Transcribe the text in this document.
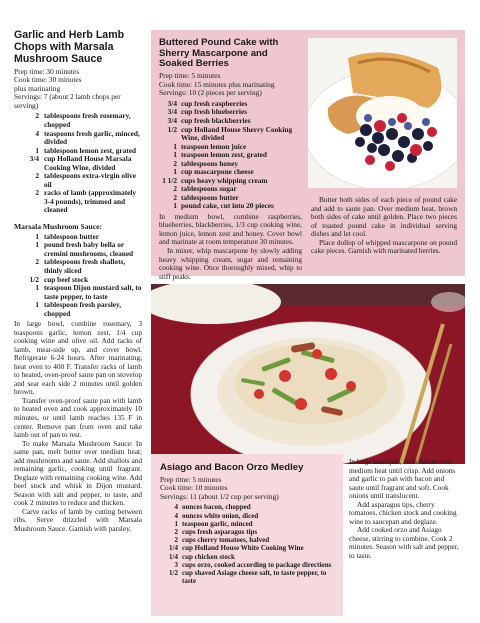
Garlic and Herb Lamb Chops with Marsala Mushroom Sauce
Prep time: 30 minutes
Cook time: 30 minutes
plus marinating
Servings: 7 (about 2 lamb chops per serving)
2 tablespoons fresh rosemary, chopped
4 teaspoons fresh garlic, minced, divided
1 tablespoon lemon zest, grated
3/4 cup Holland House Marsala Cooking Wine, divided
2 tablespoons extra-virgin olive oil
2 racks of lamb (approximately 3-4 pounds), trimmed and cleaned
Marsala Mushroom Sauce:
1 tablespoon butter
1 pound fresh baby bella or cremini mushrooms, cleaned
2 tablespoons fresh shallots, thinly sliced
1/2 cup beef stock
1 teaspoon Dijon mustard salt, to taste pepper, to taste
1 tablespoon fresh parsley, chopped

In large bowl, combine rosemary, 3 teaspoons garlic, lemon zest, 1/4 cup cooking wine and olive oil. Add racks of lamb, meat-side up, and cover bowl. Refrigerate 6-24 hours. After marinating, heat oven to 400 F. Transfer racks of lamb to heated, oven-proof saute pan on stovetop and sear each side 2 minutes until golden brown.

Transfer oven-proof saute pan with lamb to heated oven and cook approximately 10 minutes, or until lamb reaches 135 F in center. Remove pan from oven and take lamb out of pan to rest.

To make Marsala Mushroom Sauce: In same pan, melt butter over medium heat; add mushrooms and saute. Add shallots and remaining garlic, cooking until fragrant. Deglaze with remaining cooking wine. Add beef stock and whisk in Dijon mustard. Season with salt and pepper, to taste, and cook 2 minutes to reduce and thicken.

Carve racks of lamb by cutting between ribs. Serve drizzled with Marsala Mushroom Sauce. Garnish with parsley.

Buttered Pound Cake with Sherry Mascarpone and Soaked Berries
Prep time: 5 minutes
Cook time: 15 minutes plus marinating
Servings: 10 (2 pieces per serving)
3/4 cup fresh raspberries
3/4 cup fresh blueberries
3/4 cup fresh blackberries
1/2 cup Holland House Sherry Cooking Wine, divided
1 teaspoon lemon juice
1 teaspoon lemon zest, grated
2 tablespoons honey
1 cup mascarpone cheese
1 1/2 cups heavy whipping cream
2 tablespoons sugar
2 tablespoons butter
1 pound cake, cut into 20 pieces

In medium bowl, combine raspberries, blueberries, blackberries, 1/3 cup cooking wine, lemon juice, lemon zest and honey. Cover bowl and marinate at room temperature 30 minutes.

In mixer, whip mascarpone by slowly adding heavy whipping cream, sugar and remaining cooking wine. Once thoroughly mixed, whip to stiff peaks.

Butter both sides of each piece of pound cake and add to saute pan. Over medium heat, brown both sides of cake until golden. Place two pieces of toasted pound cake in individual serving dishes and let cool.

Place dollop of whipped mascarpone on pound cake pieces. Garnish with marinated berries.

Asiago and Bacon Orzo Medley
Prep time: 5 minutes
Cook time: 10 minutes
Servings: 11 (about 1/2 cup per serving)
4 ounces bacon, chopped
4 ounces white onion, diced
1 teaspoon garlic, minced
2 cups fresh asparagus tips
2 cups cherry tomatoes, halved
1/4 cup Holland House White Cooking Wine
1/4 cup chicken stock
3 cups orzo, cooked according to package directions
1/2 cup shaved Asiago cheese salt, to taste pepper, to taste

In large saucepan, cook bacon over medium heat until crisp. Add onions and garlic to pan with bacon and saute until fragrant and soft. Cook onions until translucent.

Add asparagus tips, cherry tomatoes, chicken stock and cooking wine to saucepan and deglaze.

Add cooked orzo and Asiago cheese, stirring to combine. Cook 2 minutes. Season with salt and pepper, to taste.
